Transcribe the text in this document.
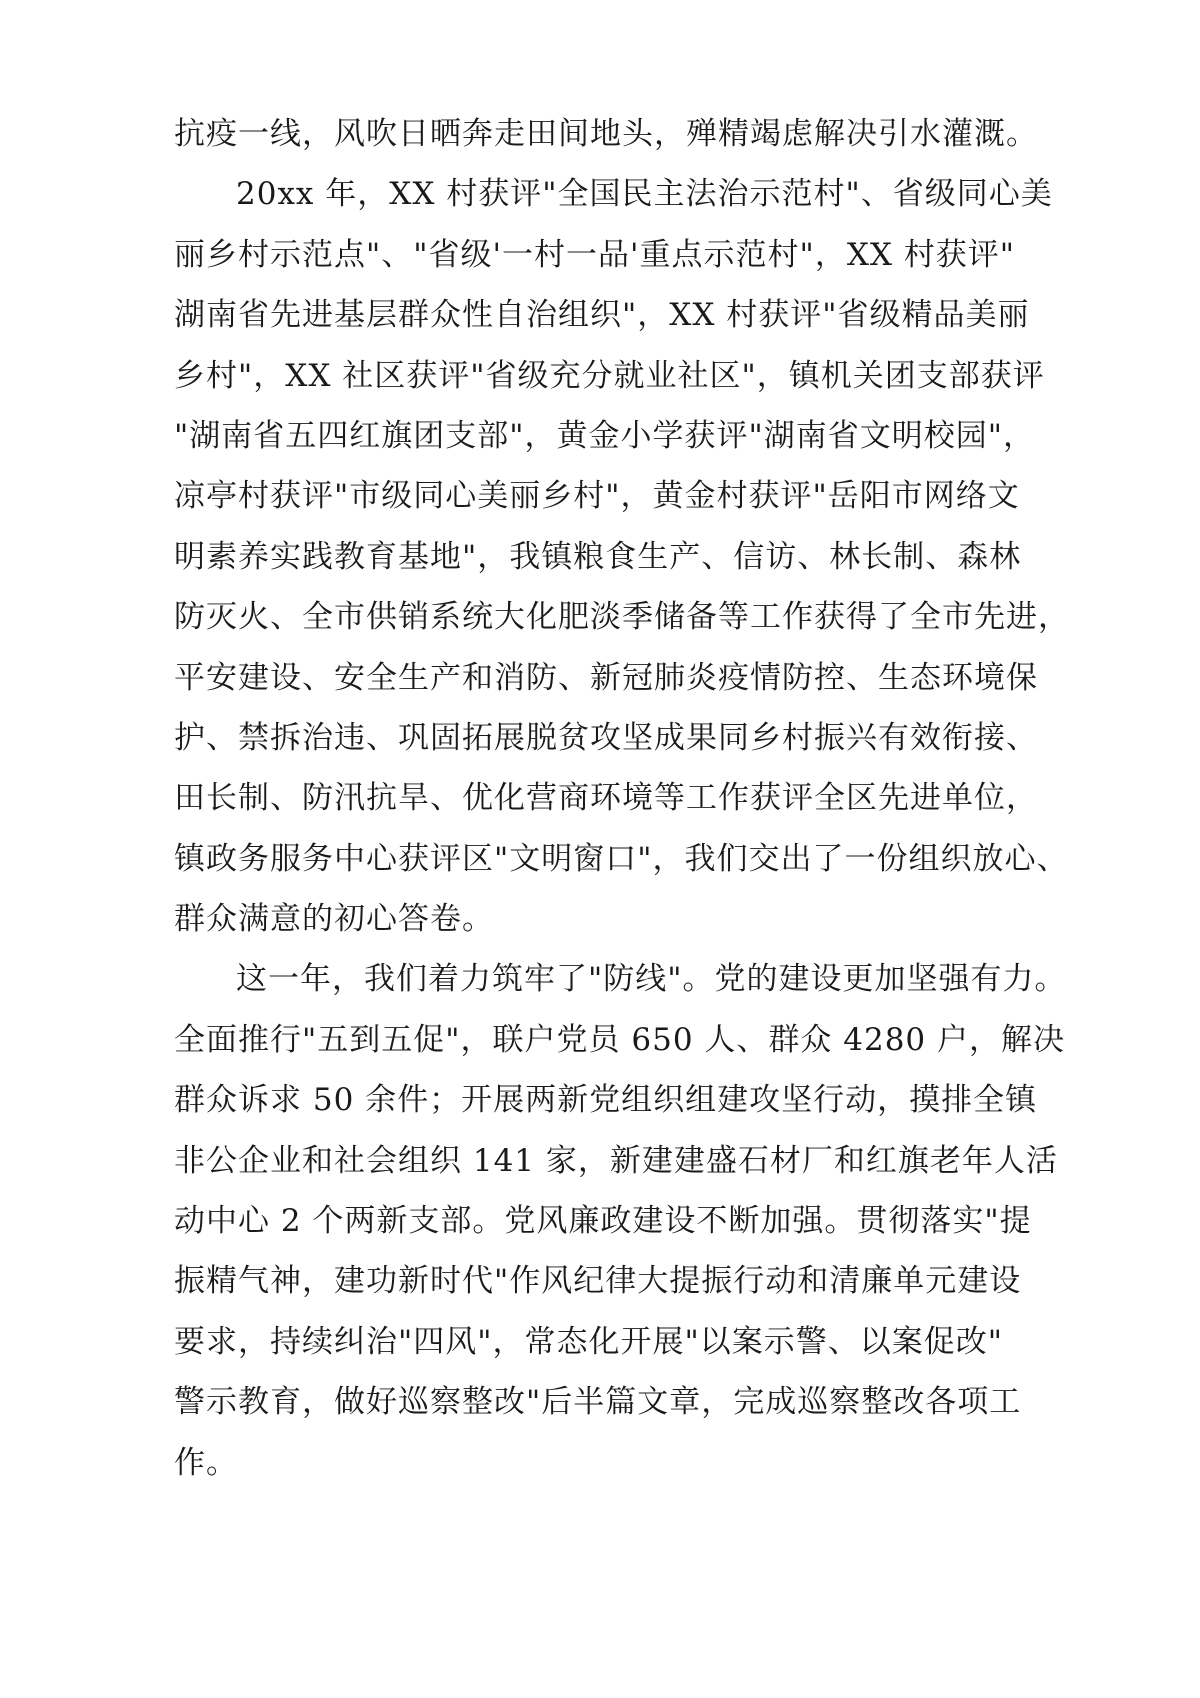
抗疫一线，风吹日晒奔走田间地头，殚精竭虑解决引水灌溉。
20xx 年，XX 村获评"全国民主法治示范村"、省级同心美
丽乡村示范点"、"省级'一村一品'重点示范村"，XX 村获评"
湖南省先进基层群众性自治组织"，XX 村获评"省级精品美丽
乡村"，XX 社区获评"省级充分就业社区"，镇机关团支部获评
"湖南省五四红旗团支部"，黄金小学获评"湖南省文明校园"，
凉亭村获评"市级同心美丽乡村"，黄金村获评"岳阳市网络文
明素养实践教育基地"，我镇粮食生产、信访、林长制、森林
防灭火、全市供销系统大化肥淡季储备等工作获得了全市先进，
平安建设、安全生产和消防、新冠肺炎疫情防控、生态环境保
护、禁拆治违、巩固拓展脱贫攻坚成果同乡村振兴有效衔接、
田长制、防汛抗旱、优化营商环境等工作获评全区先进单位，
镇政务服务中心获评区"文明窗口"，我们交出了一份组织放心、
群众满意的初心答卷。
这一年，我们着力筑牢了"防线"。党的建设更加坚强有力。
全面推行"五到五促"，联户党员 650 人、群众 4280 户，解决
群众诉求 50 余件；开展两新党组织组建攻坚行动，摸排全镇
非公企业和社会组织 141 家，新建建盛石材厂和红旗老年人活
动中心 2 个两新支部。党风廉政建设不断加强。贯彻落实"提
振精气神，建功新时代"作风纪律大提振行动和清廉单元建设
要求，持续纠治"四风"，常态化开展"以案示警、以案促改"
警示教育，做好巡察整改"后半篇文章，完成巡察整改各项工
作。
